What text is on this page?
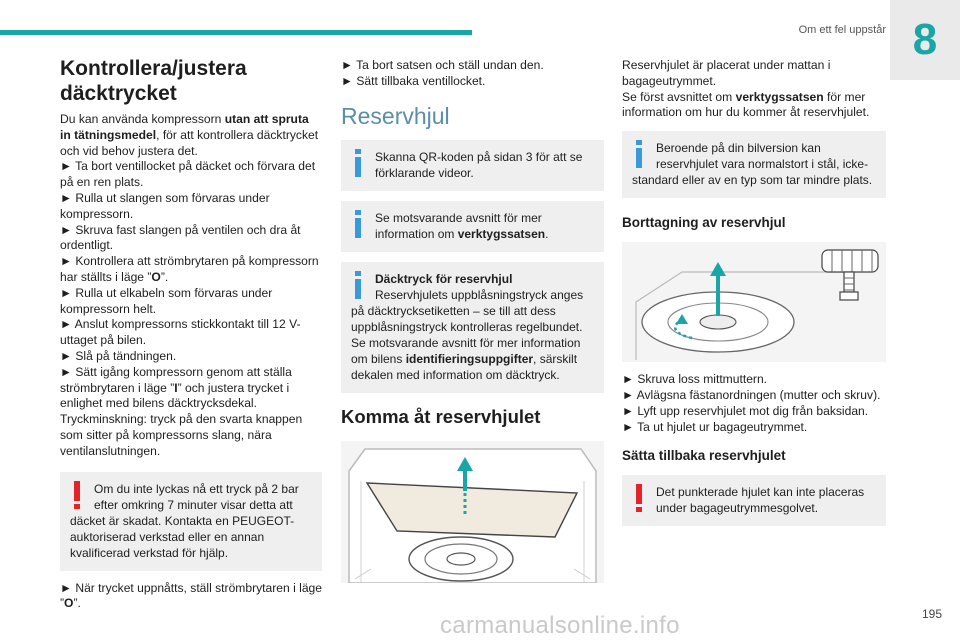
Om ett fel uppstår 8

Kontrollera/justera däcktrycket

Du kan använda kompressorn utan att spruta in tätningsmedel, för att kontrollera däcktrycket och vid behov justera det.

► Ta bort ventillocket på däcket och förvara det på en ren plats.

► Rulla ut slangen som förvaras under kompressorn.

► Skruva fast slangen på ventilen och dra åt ordentligt.

► Kontrollera att strömbrytaren på kompressorn har ställts i läge ”O”.

► Rulla ut elkabeln som förvaras under kompressorn helt.

► Anslut kompressorns stickkontakt till 12 V-uttaget på bilen.

► Slå på tändningen.

► Sätt igång kompressorn genom att ställa strömbrytaren i läge ”I” och justera trycket i enlighet med bilens däcktrycksdekal.

Tryckminskning: tryck på den svarta knappen som sitter på kompressorns slang, nära ventilanslutningen.

Om du inte lyckas nå ett tryck på 2 bar efter omkring 7 minuter visar detta att däcket är skadat. Kontakta en PEUGEOT-auktoriserad verkstad eller en annan kvalificerad verkstad för hjälp.

► När trycket uppnåtts, ställ strömbrytaren i läge ”O”.

► Ta bort satsen och ställ undan den.

► Sätt tillbaka ventillocket.

Reservhjul

Skanna QR-koden på sidan 3 för att se förklarande videor.

Se motsvarande avsnitt för mer information om verktygssatsen.

Däcktryck för reservhjul

Reservhjulets uppblåsningstryck anges på däcktrycksetiketten – se till att dess uppblåsningstryck kontrolleras regelbundet. Se motsvarande avsnitt för mer information om bilens identifieringsuppgifter, särskilt dekalen med information om däcktryck.

Komma åt reservhjulet

Reservhjulet är placerat under mattan i bagageutrymmet.

Se först avsnittet om verktygssatsen för mer information om hur du kommer åt reservhjulet.

Beroende på din bilversion kan reservhjulet vara normalstort i stål, icke-standard eller av en typ som tar mindre plats.

Borttagning av reservhjul

► Skruva loss mittmuttern.

► Avlägsna fästanordningen (mutter och skruv).

► Lyft upp reservhjulet mot dig från baksidan.

► Ta ut hjulet ur bagageutrymmet.

Sätta tillbaka reservhjulet

Det punkterade hjulet kan inte placeras under bagageutrymmesgolvet.

195
carmanualsonline.info
